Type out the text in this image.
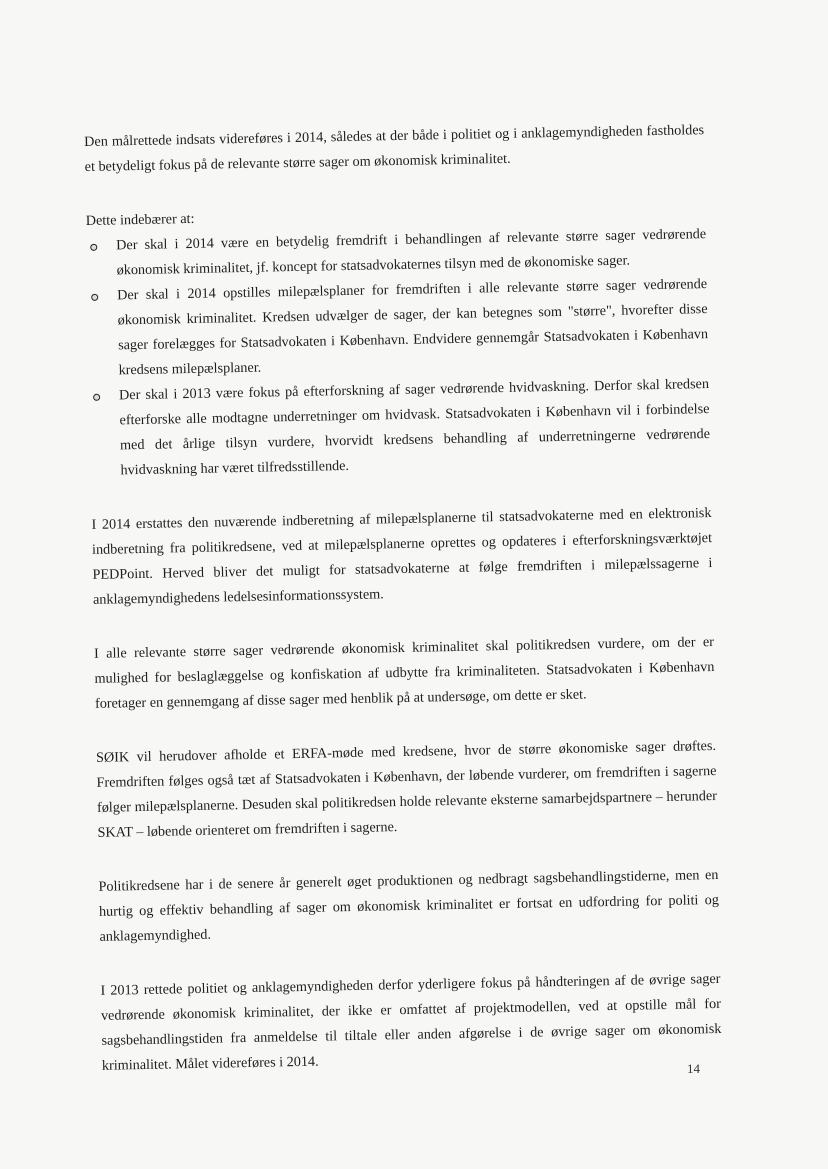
Den målrettede indsats videreføres i 2014, således at der både i politiet og i anklagemyndigheden fastholdes et betydeligt fokus på de relevante større sager om økonomisk kriminalitet.

Dette indebærer at:

Der skal i 2014 være en betydelig fremdrift i behandlingen af relevante større sager vedrørende økonomisk kriminalitet, jf. koncept for statsadvokaternes tilsyn med de økonomiske sager.
Der skal i 2014 opstilles milepælsplaner for fremdriften i alle relevante større sager vedrørende økonomisk kriminalitet. Kredsen udvælger de sager, der kan betegnes som "større", hvorefter disse sager forelægges for Statsadvokaten i København. Endvidere gennemgår Statsadvokaten i København kredsens milepælsplaner.
Der skal i 2013 være fokus på efterforskning af sager vedrørende hvidvaskning. Derfor skal kredsen efterforske alle modtagne underretninger om hvidvask. Statsadvokaten i København vil i forbindelse med det årlige tilsyn vurdere, hvorvidt kredsens behandling af underretningerne vedrørende hvidvaskning har været tilfredsstillende.

I 2014 erstattes den nuværende indberetning af milepælsplanerne til statsadvokaterne med en elektronisk indberetning fra politikredsene, ved at milepælsplanerne oprettes og opdateres i efterforskningsværktøjet PEDPoint. Herved bliver det muligt for statsadvokaterne at følge fremdriften i milepælssagerne i anklagemyndighedens ledelsesinformationssystem.

I alle relevante større sager vedrørende økonomisk kriminalitet skal politikredsen vurdere, om der er mulighed for beslaglæggelse og konfiskation af udbytte fra kriminaliteten. Statsadvokaten i København foretager en gennemgang af disse sager med henblik på at undersøge, om dette er sket.

SØIK vil herudover afholde et ERFA-møde med kredsene, hvor de større økonomiske sager drøftes. Fremdriften følges også tæt af Statsadvokaten i København, der løbende vurderer, om fremdriften i sagerne følger milepælsplanerne. Desuden skal politikredsen holde relevante eksterne samarbejdspartnere – herunder SKAT – løbende orienteret om fremdriften i sagerne.

Politikredsene har i de senere år generelt øget produktionen og nedbragt sagsbehandlingstiderne, men en hurtig og effektiv behandling af sager om økonomisk kriminalitet er fortsat en udfordring for politi og anklagemyndighed.

I 2013 rettede politiet og anklagemyndigheden derfor yderligere fokus på håndteringen af de øvrige sager vedrørende økonomisk kriminalitet, der ikke er omfattet af projektmodellen, ved at opstille mål for sagsbehandlingstiden fra anmeldelse til tiltale eller anden afgørelse i de øvrige sager om økonomisk kriminalitet. Målet videreføres i 2014.	14
